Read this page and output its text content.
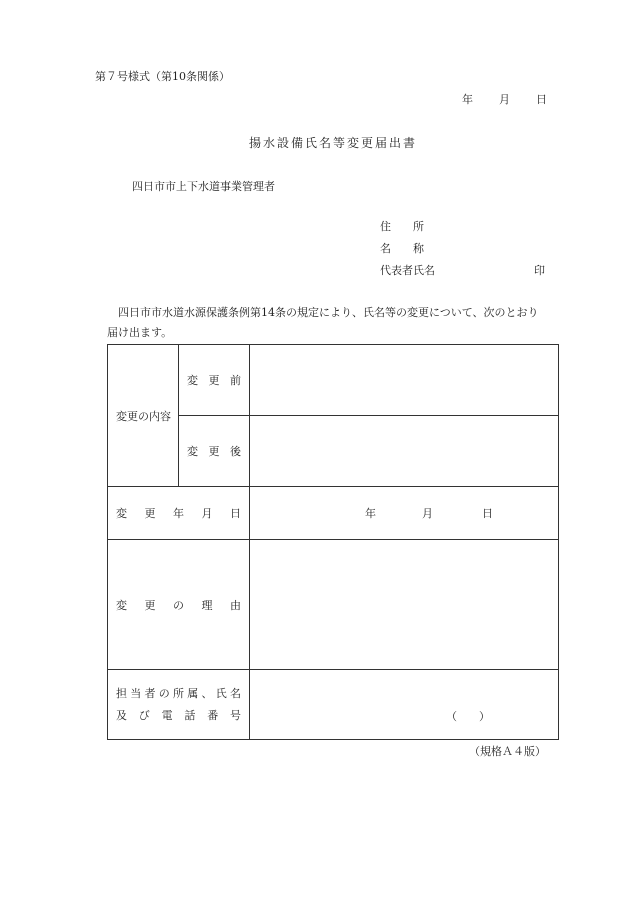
第７号様式（第10条関係）
年 月 日
揚水設備氏名等変更届出書
四日市市上下水道事業管理者
住　　所
名　　称
代表者氏名	印
四日市市水道水源保護条例第14条の規定により、氏名等の変更について、次のとおり
届け出ます。
変更の内容	変更前	
	変更後	
変更年月日		年 月 日

変更の理由		

担当者の所属、氏名
及び電話番号		（　　）
（規格Ａ４版）
